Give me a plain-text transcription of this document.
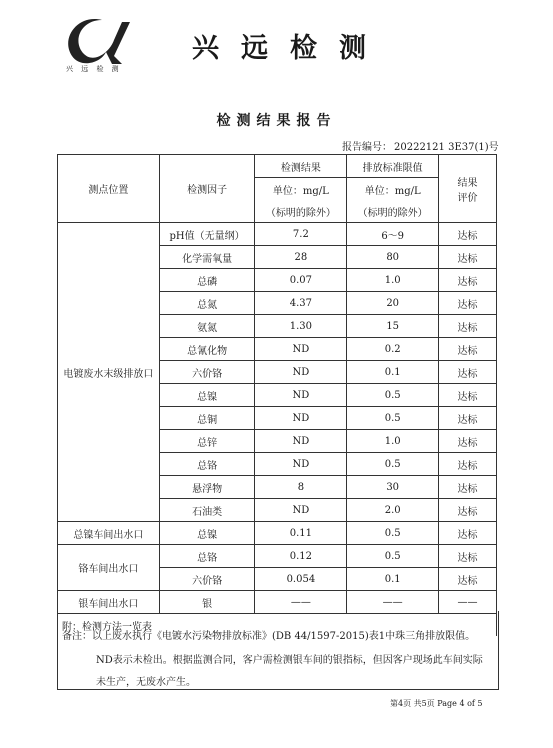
兴 远 检 测
兴远检测
检测结果报告
报告编号： 20222121 3E37(1)号
测点位置	检测因子	检测结果	排放标准限值	结果
评价
		单位：mg/L	单位：mg/L	
		（标明的除外）	（标明的除外）	
电镀废水末级排放口	pH值（无量纲）	7.2	6～9	达标
	化学需氧量	28	80	达标
	总磷	0.07	1.0	达标
	总氮	4.37	20	达标
	氨氮	1.30	15	达标
	总氰化物	ND	0.2	达标
	六价铬	ND	0.1	达标
	总镍	ND	0.5	达标
	总铜	ND	0.5	达标
	总锌	ND	1.0	达标
	总铬	ND	0.5	达标
	悬浮物	8	30	达标
	石油类	ND	2.0	达标
总镍车间出水口	总镍	0.11	0.5	达标
铬车间出水口	总铬	0.12	0.5	达标
	六价铬	0.054	0.1	达标
银车间出水口	银	——	——	——
附：检测方法一览表				
备注：以上废水执行《电镀水污染物排放标准》(DB 44/1597-2015)表1中珠三角排放限值。
ND表示未检出。根据监测合同，客户需检测银车间的银指标，但因客户现场此车间实际
未生产，无废水产生。
第4页 共5页 Page 4 of 5
